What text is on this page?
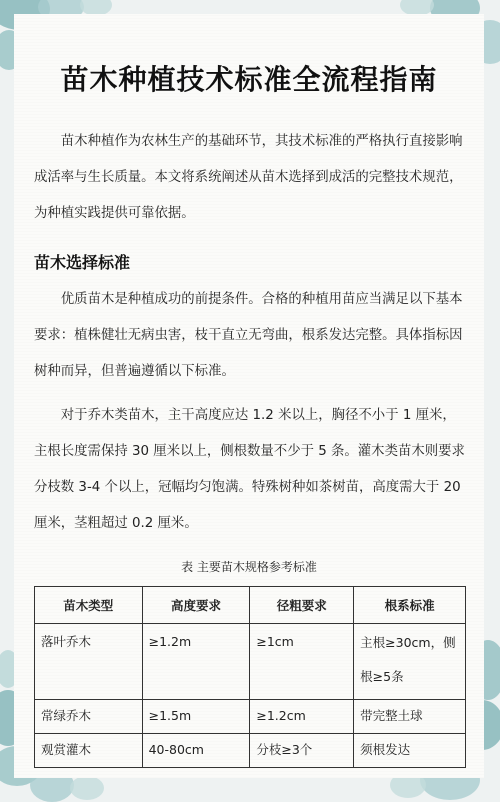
苗木种植技术标准全流程指南

苗木种植作为农林生产的基础环节，其技术标准的严格执行直接影响成活率与生长质量。本文将系统阐述从苗木选择到成活的完整技术规范，为种植实践提供可靠依据。

苗木选择标准

优质苗木是种植成功的前提条件。合格的种植用苗应当满足以下基本要求：植株健壮无病虫害，枝干直立无弯曲，根系发达完整。具体指标因树种而异，但普遍遵循以下标准。

对于乔木类苗木，主干高度应达 1.2 米以上，胸径不小于 1 厘米，主根长度需保持 30 厘米以上，侧根数量不少于 5 条。灌木类苗木则要求分枝数 3-4 个以上，冠幅均匀饱满。特殊树种如茶树苗，高度需大于 20 厘米，茎粗超过 0.2 厘米。

表 主要苗木规格参考标准

苗木类型	高度要求	径粗要求	根系标准
落叶乔木	≥1.2m	≥1cm	主根≥30cm，侧根≥5条
常绿乔木	≥1.5m	≥1.2cm	带完整土球
观赏灌木	40-80cm	分枝≥3个	须根发达
